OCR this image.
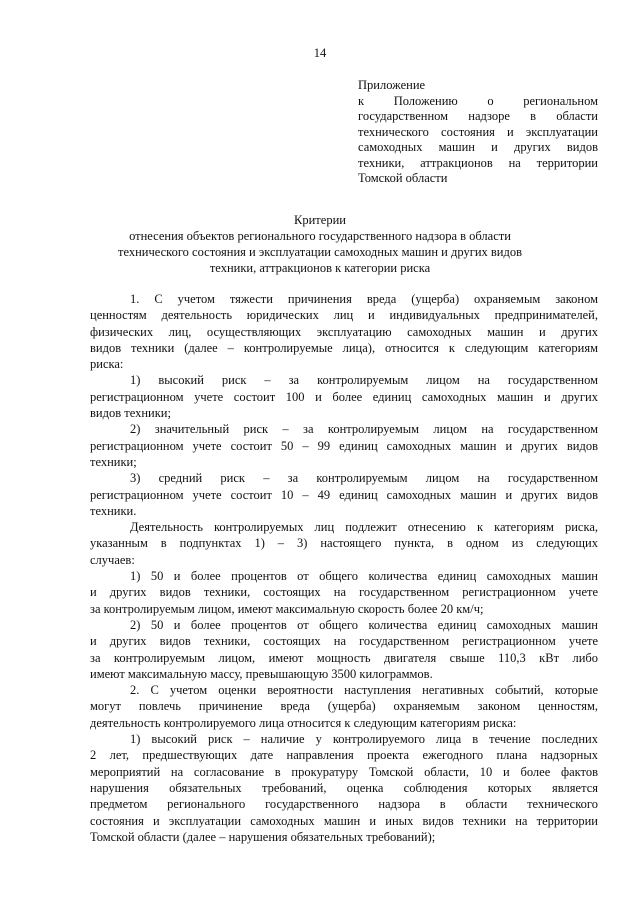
14
Приложение
к Положению о региональном
государственном надзоре в области
технического состояния и эксплуатации
самоходных машин и других видов
техники, аттракционов на территории
Томской области
Критерии
отнесения объектов регионального государственного надзора в области
технического состояния и эксплуатации самоходных машин и других видов
техники, аттракционов к категории риска
1. С учетом тяжести причинения вреда (ущерба) охраняемым законом
ценностям деятельность юридических лиц и индивидуальных предпринимателей,
физических лиц, осуществляющих эксплуатацию самоходных машин и других
видов техники (далее – контролируемые лица), относится к следующим категориям
риска:
1) высокий риск – за контролируемым лицом на государственном
регистрационном учете состоит 100 и более единиц самоходных машин и других
видов техники;
2) значительный риск – за контролируемым лицом на государственном
регистрационном учете состоит 50 – 99 единиц самоходных машин и других видов
техники;
3) средний риск – за контролируемым лицом на государственном
регистрационном учете состоит 10 – 49 единиц самоходных машин и других видов
техники.
Деятельность контролируемых лиц подлежит отнесению к категориям риска,
указанным в подпунктах 1) – 3) настоящего пункта, в одном из следующих
случаев:
1) 50 и более процентов от общего количества единиц самоходных машин
и других видов техники, состоящих на государственном регистрационном учете
за контролируемым лицом, имеют максимальную скорость более 20 км/ч;
2) 50 и более процентов от общего количества единиц самоходных машин
и других видов техники, состоящих на государственном регистрационном учете
за контролируемым лицом, имеют мощность двигателя свыше 110,3 кВт либо
имеют максимальную массу, превышающую 3500 килограммов.
2. С учетом оценки вероятности наступления негативных событий, которые
могут повлечь причинение вреда (ущерба) охраняемым законом ценностям,
деятельность контролируемого лица относится к следующим категориям риска:
1) высокий риск – наличие у контролируемого лица в течение последних
2 лет, предшествующих дате направления проекта ежегодного плана надзорных
мероприятий на согласование в прокуратуру Томской области, 10 и более фактов
нарушения обязательных требований, оценка соблюдения которых является
предметом регионального государственного надзора в области технического
состояния и эксплуатации самоходных машин и иных видов техники на территории
Томской области (далее – нарушения обязательных требований);
